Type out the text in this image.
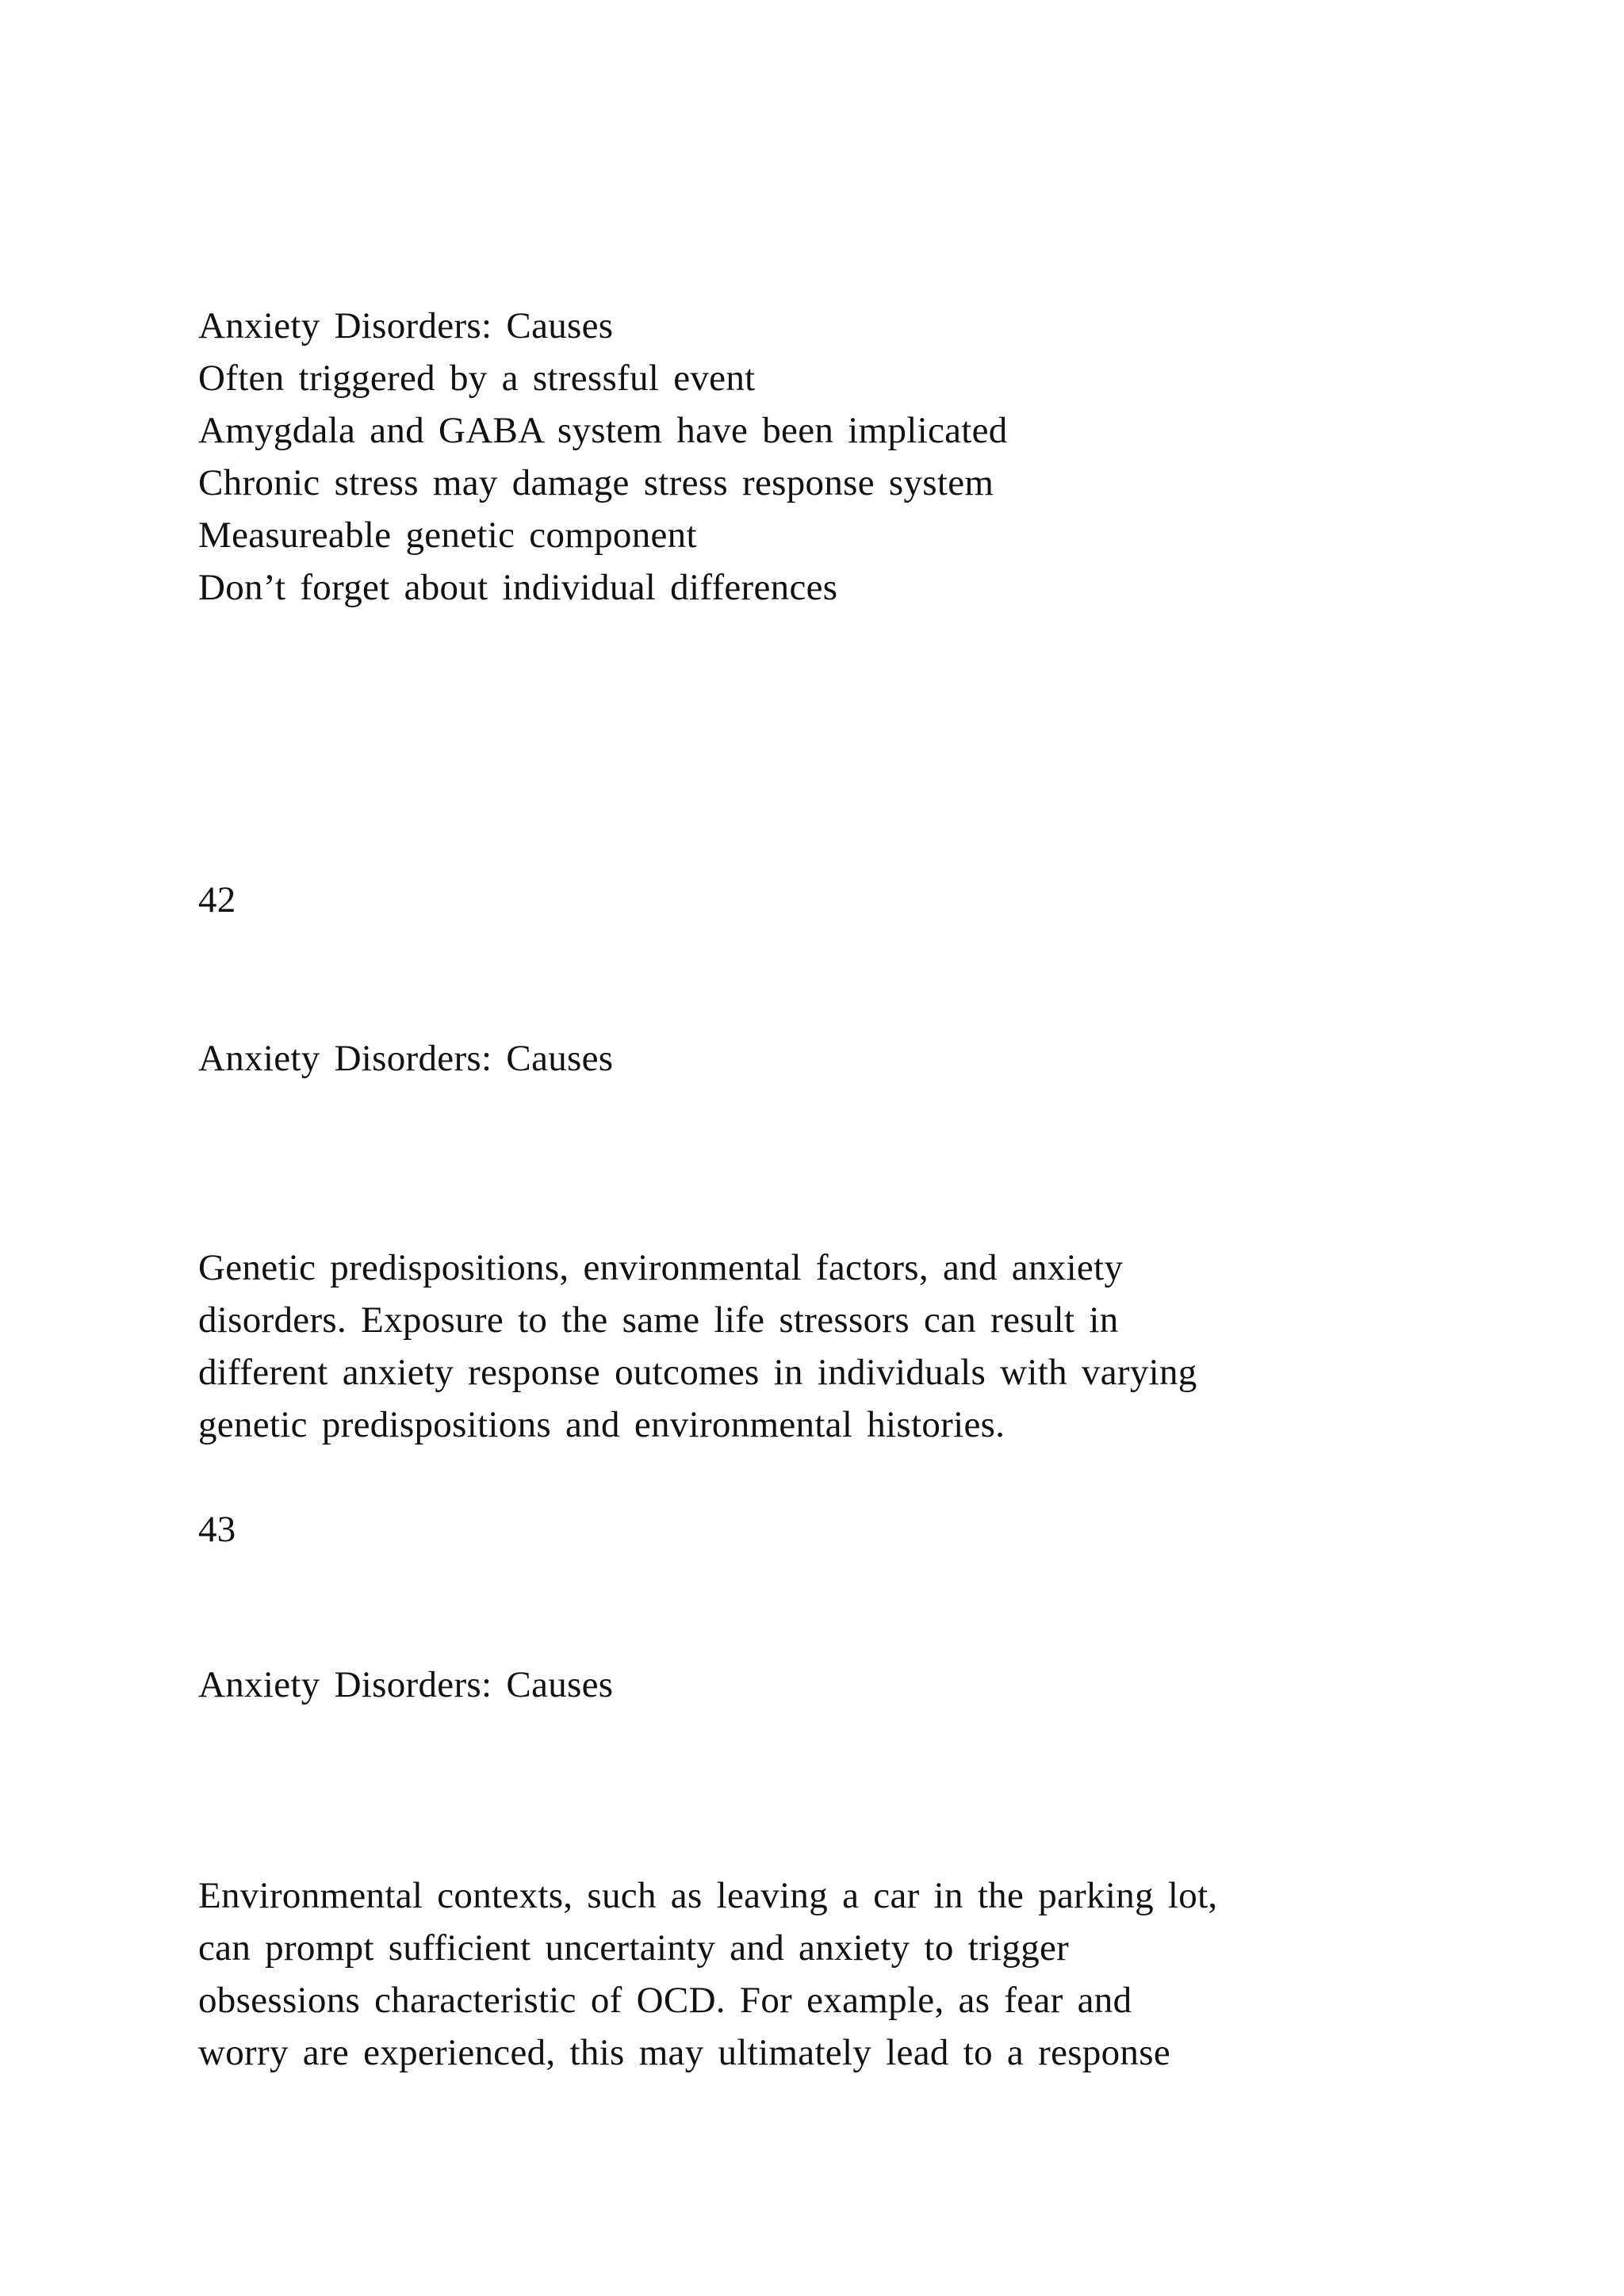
Anxiety Disorders: Causes
Often triggered by a stressful event
Amygdala and GABA system have been implicated
Chronic stress may damage stress response system
Measureable genetic component
Don’t forget about individual differences
42
Anxiety Disorders: Causes
Genetic predispositions, environmental factors, and anxiety
disorders. Exposure to the same life stressors can result in
different anxiety response outcomes in individuals with varying
genetic predispositions and environmental histories.
43
Anxiety Disorders: Causes
Environmental contexts, such as leaving a car in the parking lot,
can prompt sufficient uncertainty and anxiety to trigger
obsessions characteristic of OCD. For example, as fear and
worry are experienced, this may ultimately lead to a response
